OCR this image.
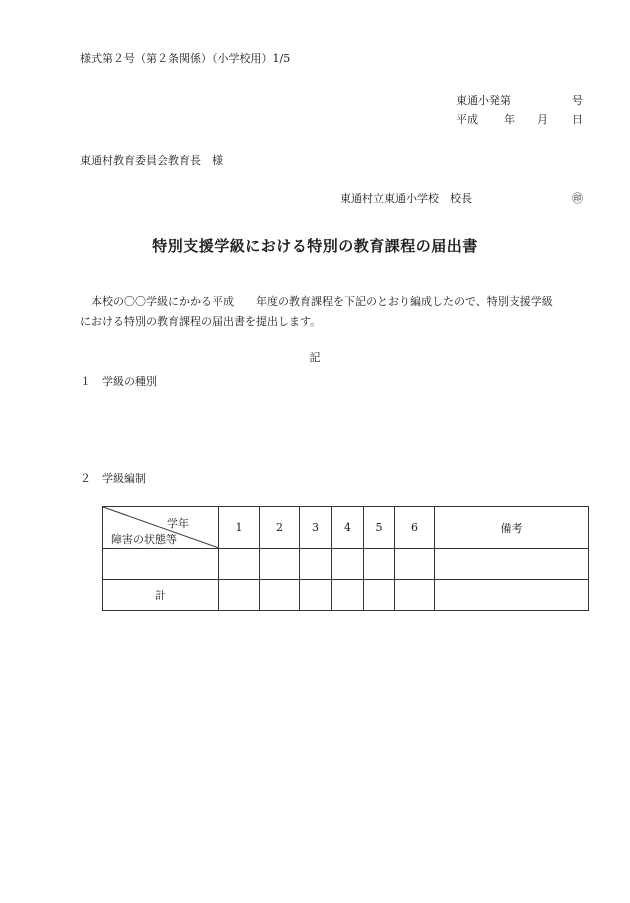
様式第２号（第２条関係）（小学校用）1/5
東通小発第	号
平成 年 月 日
東通村教育委員会教育長　様
東通村立東通小学校　校長	㊞
特別支援学級における特別の教育課程の届出書

本校の〇〇学級にかかる平成　　年度の教育課程を下記のとおり編成したので、特別支援学級

における特別の教育課程の届出書を提出します。

記
１ 学級の種別
２ 学級編制
学年
障害の状態等	1	2	3	4	5	6	備考

計							
